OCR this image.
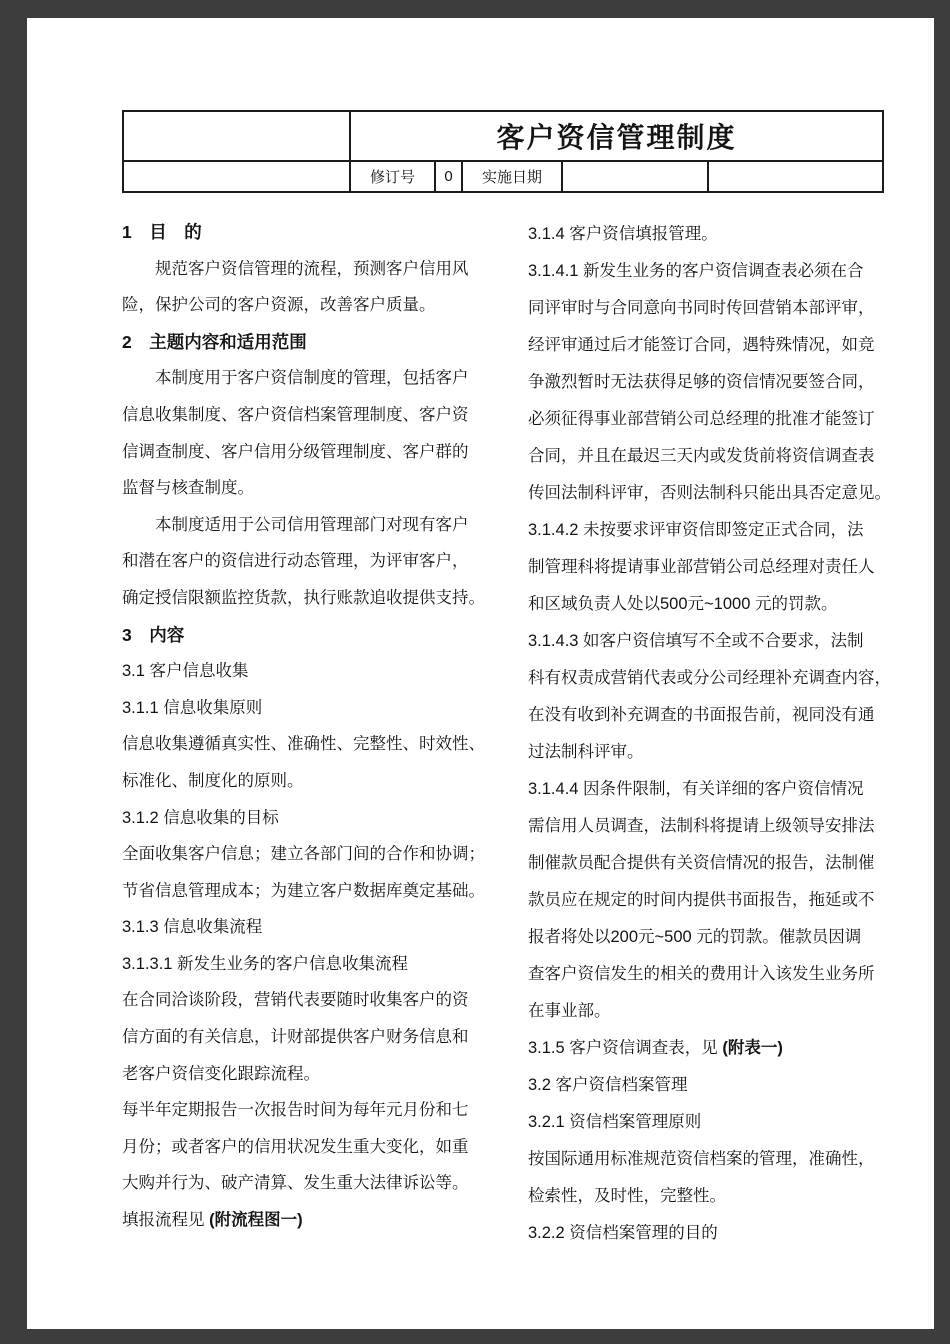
客户资信管理制度
修订号	0	实施日期
1　目　的
　　规范客户资信管理的流程，预测客户信用风
险，保护公司的客户资源，改善客户质量。
2　主题内容和适用范围
　　本制度用于客户资信制度的管理，包括客户
信息收集制度、客户资信档案管理制度、客户资
信调查制度、客户信用分级管理制度、客户群的
监督与核查制度。
　　本制度适用于公司信用管理部门对现有客户
和潜在客户的资信进行动态管理，为评审客户，
确定授信限额监控货款，执行账款追收提供支持。
3　内容
3.1 客户信息收集
3.1.1 信息收集原则
信息收集遵循真实性、准确性、完整性、时效性、
标准化、制度化的原则。
3.1.2 信息收集的目标
全面收集客户信息；建立各部门间的合作和协调；
节省信息管理成本；为建立客户数据库奠定基础。
3.1.3 信息收集流程
3.1.3.1 新发生业务的客户信息收集流程
在合同洽谈阶段，营销代表要随时收集客户的资
信方面的有关信息，计财部提供客户财务信息和
老客户资信变化跟踪流程。
每半年定期报告一次报告时间为每年元月份和七
月份；或者客户的信用状况发生重大变化，如重
大购并行为、破产清算、发生重大法律诉讼等。
填报流程见 (附流程图一)
3.1.4 客户资信填报管理。
3.1.4.1 新发生业务的客户资信调查表必须在合
同评审时与合同意向书同时传回营销本部评审，
经评审通过后才能签订合同，遇特殊情况，如竞
争激烈暂时无法获得足够的资信情况要签合同，
必须征得事业部营销公司总经理的批准才能签订
合同，并且在最迟三天内或发货前将资信调查表
传回法制科评审，否则法制科只能出具否定意见。
3.1.4.2 未按要求评审资信即签定正式合同，法
制管理科将提请事业部营销公司总经理对责任人
和区域负责人处以500元~1000 元的罚款。
3.1.4.3 如客户资信填写不全或不合要求，法制
科有权责成营销代表或分公司经理补充调查内容，
在没有收到补充调查的书面报告前，视同没有通
过法制科评审。
3.1.4.4 因条件限制，有关详细的客户资信情况
需信用人员调查，法制科将提请上级领导安排法
制催款员配合提供有关资信情况的报告，法制催
款员应在规定的时间内提供书面报告，拖延或不
报者将处以200元~500 元的罚款。催款员因调
查客户资信发生的相关的费用计入该发生业务所
在事业部。
3.1.5 客户资信调查表，见 (附表一)
3.2 客户资信档案管理
3.2.1 资信档案管理原则
按国际通用标准规范资信档案的管理，准确性，
检索性，及时性，完整性。
3.2.2 资信档案管理的目的
